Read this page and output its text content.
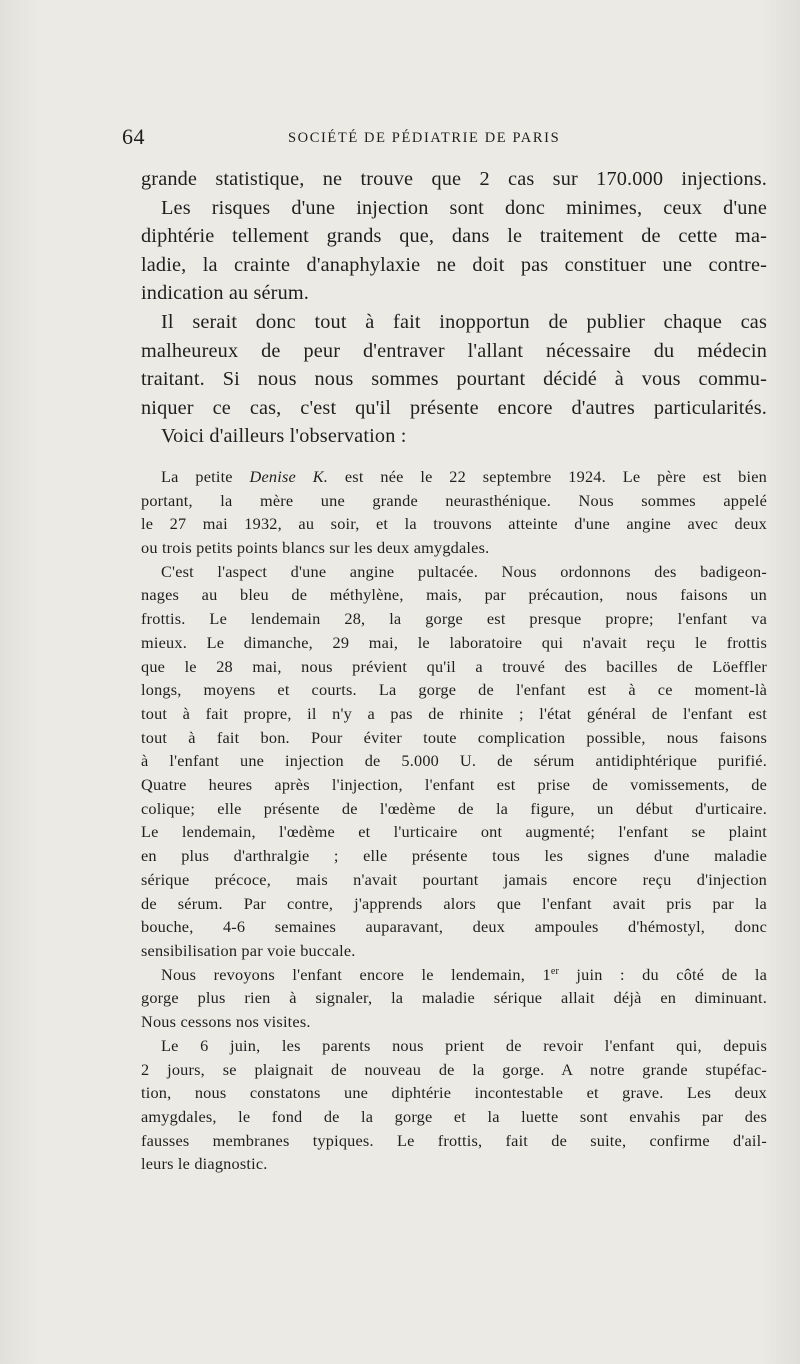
64	SOCIÉTÉ DE PÉDIATRIE DE PARIS
grande statistique, ne trouve que 2 cas sur 170.000 injections.
Les risques d'une injection sont donc minimes, ceux d'une
diphtérie tellement grands que, dans le traitement de cette ma-
ladie, la crainte d'anaphylaxie ne doit pas constituer une contre-
indication au sérum.
Il serait donc tout à fait inopportun de publier chaque cas
malheureux de peur d'entraver l'allant nécessaire du médecin
traitant. Si nous nous sommes pourtant décidé à vous commu-
niquer ce cas, c'est qu'il présente encore d'autres particularités.
Voici d'ailleurs l'observation :
La petite Denise K. est née le 22 septembre 1924. Le père est bien
portant, la mère une grande neurasthénique. Nous sommes appelé
le 27 mai 1932, au soir, et la trouvons atteinte d'une angine avec deux
ou trois petits points blancs sur les deux amygdales.
C'est l'aspect d'une angine pultacée. Nous ordonnons des badigeon-
nages au bleu de méthylène, mais, par précaution, nous faisons un
frottis. Le lendemain 28, la gorge est presque propre; l'enfant va
mieux. Le dimanche, 29 mai, le laboratoire qui n'avait reçu le frottis
que le 28 mai, nous prévient qu'il a trouvé des bacilles de Löeffler
longs, moyens et courts. La gorge de l'enfant est à ce moment-là
tout à fait propre, il n'y a pas de rhinite ; l'état général de l'enfant est
tout à fait bon. Pour éviter toute complication possible, nous faisons
à l'enfant une injection de 5.000 U. de sérum antidiphtérique purifié.
Quatre heures après l'injection, l'enfant est prise de vomissements, de
colique; elle présente de l'œdème de la figure, un début d'urticaire.
Le lendemain, l'œdème et l'urticaire ont augmenté; l'enfant se plaint
en plus d'arthralgie ; elle présente tous les signes d'une maladie
sérique précoce, mais n'avait pourtant jamais encore reçu d'injection
de sérum. Par contre, j'apprends alors que l'enfant avait pris par la
bouche, 4-6 semaines auparavant, deux ampoules d'hémostyl, donc
sensibilisation par voie buccale.
Nous revoyons l'enfant encore le lendemain, 1er juin : du côté de la
gorge plus rien à signaler, la maladie sérique allait déjà en diminuant.
Nous cessons nos visites.
Le 6 juin, les parents nous prient de revoir l'enfant qui, depuis
2 jours, se plaignait de nouveau de la gorge. A notre grande stupéfac-
tion, nous constatons une diphtérie incontestable et grave. Les deux
amygdales, le fond de la gorge et la luette sont envahis par des
fausses membranes typiques. Le frottis, fait de suite, confirme d'ail-
leurs le diagnostic.
